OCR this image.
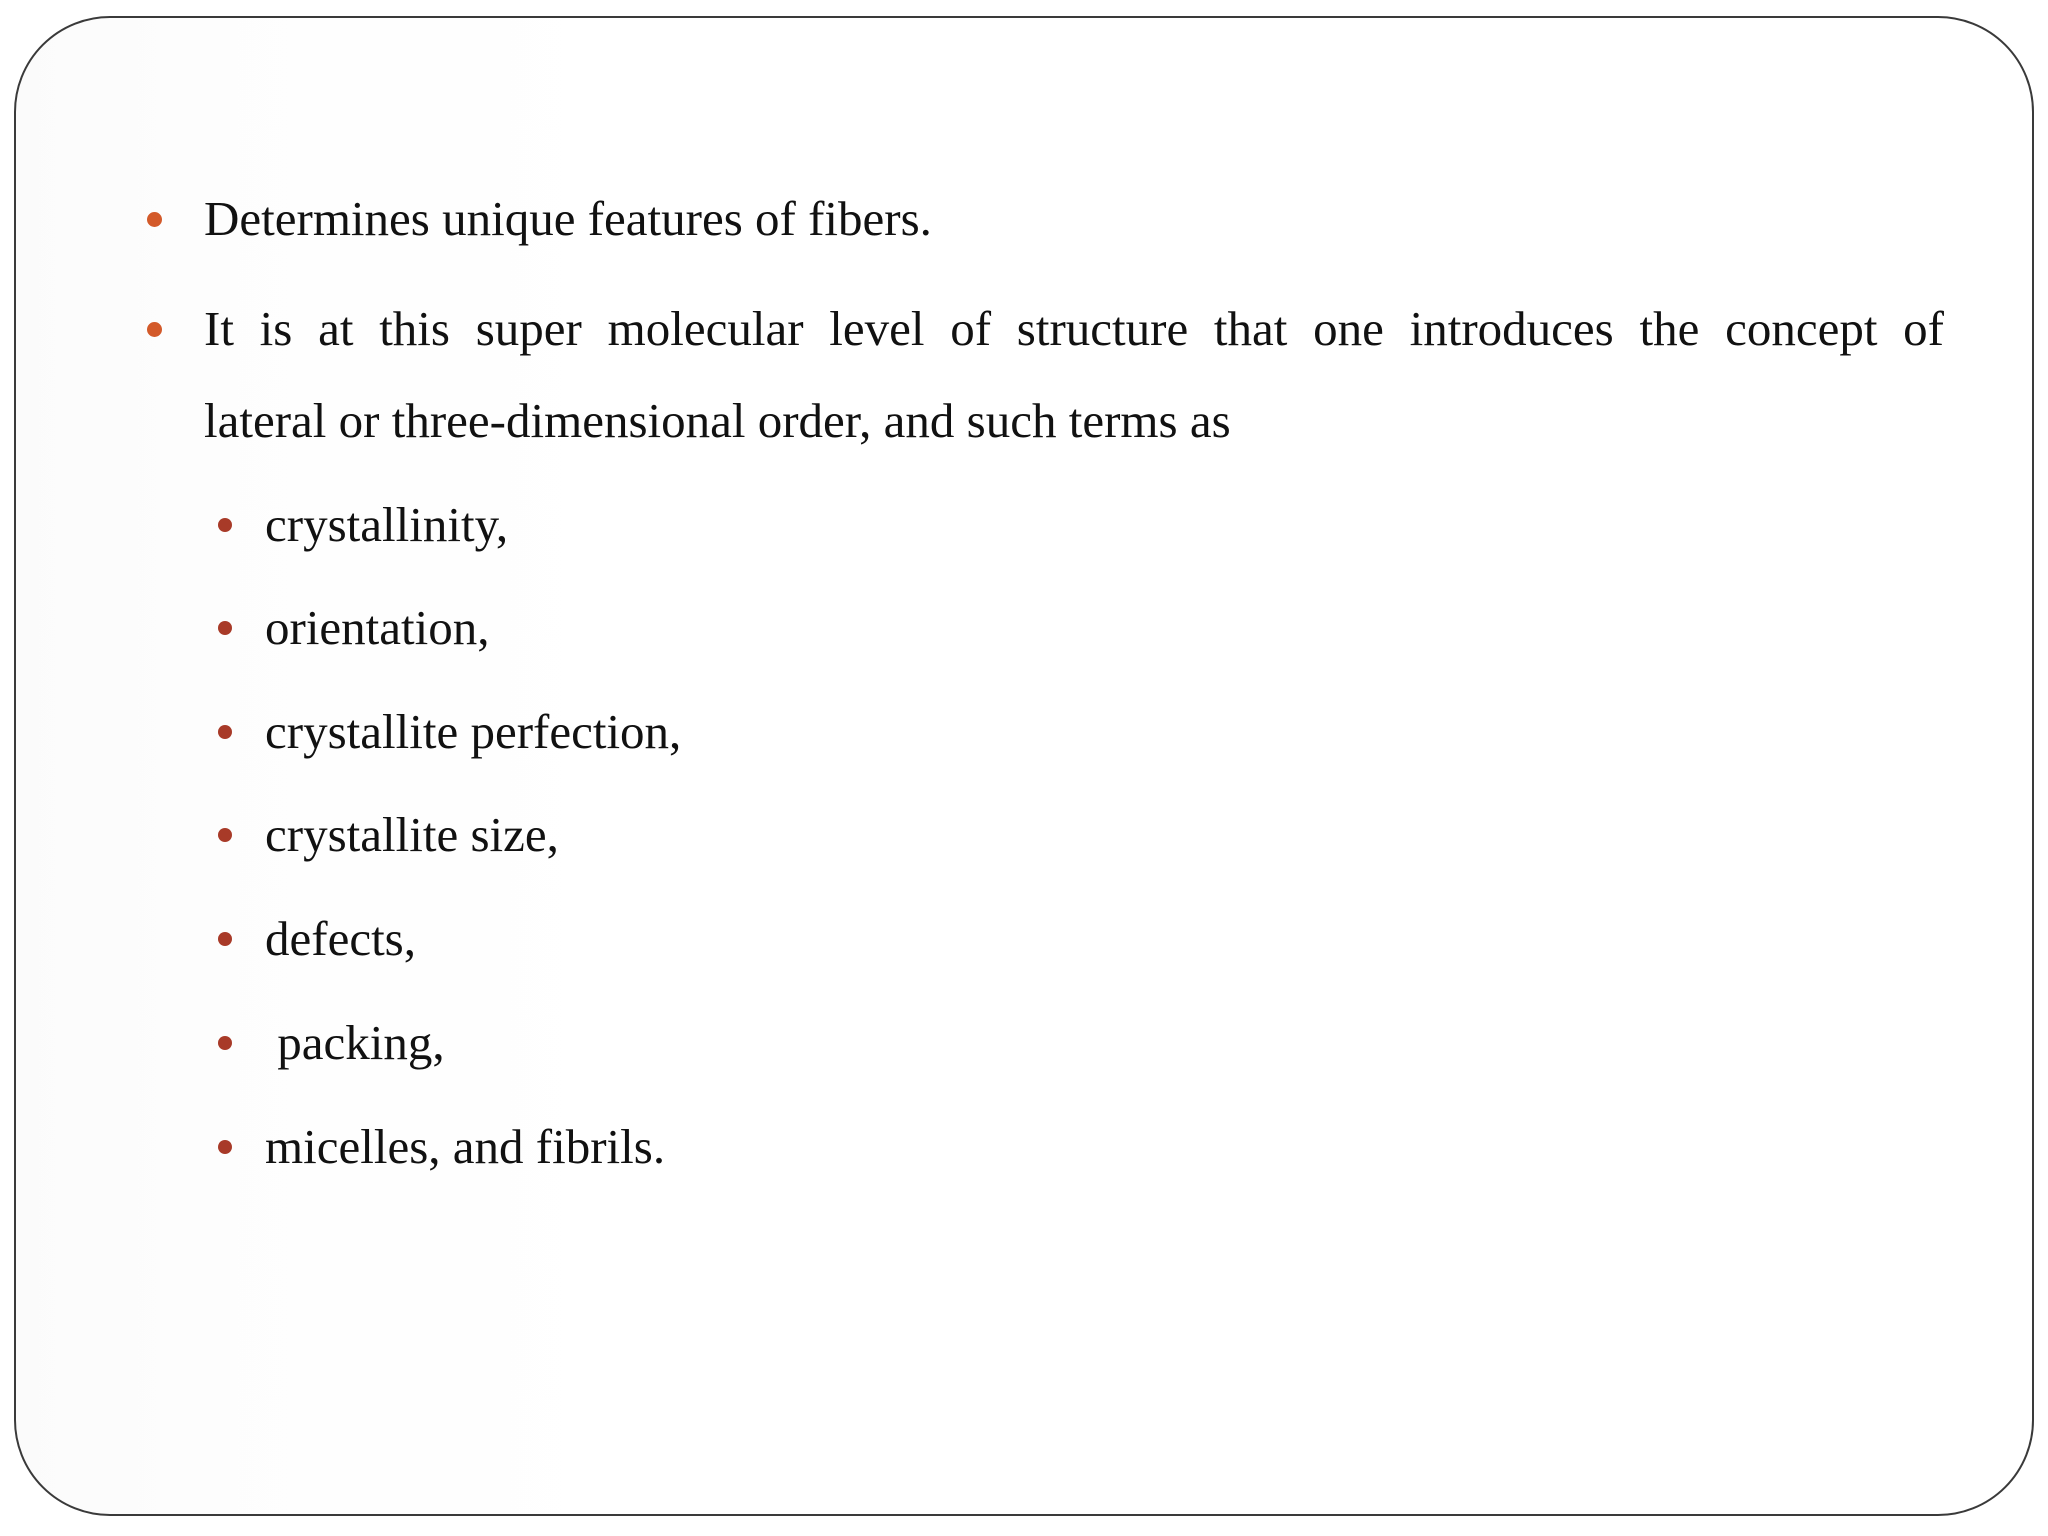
Determines unique features of fibers.
It is at this super molecular level of structure that one introduces the concept of
lateral or three-dimensional order, and such terms as
crystallinity,
orientation,
crystallite perfection,
crystallite size,
defects,
packing,
micelles, and fibrils.
